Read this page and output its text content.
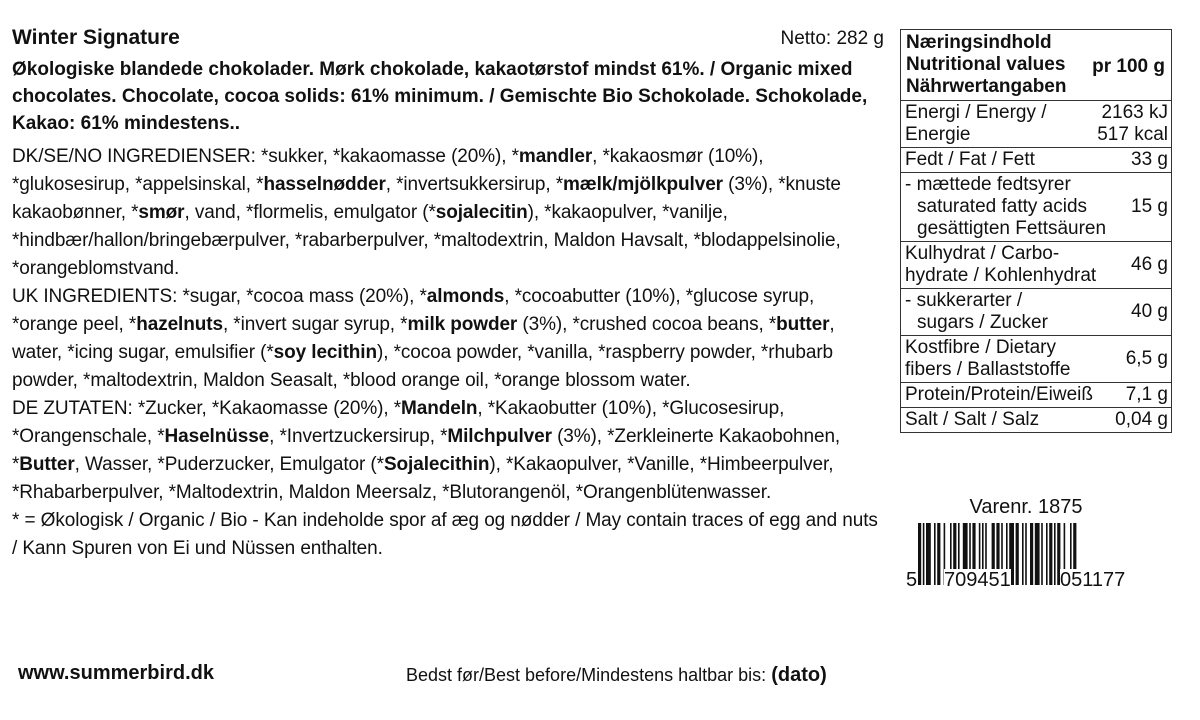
Winter Signature	Netto: 282 g
Økologiske blandede chokolader. Mørk chokolade, kakaotørstof mindst 61%. / Organic mixed chocolates. Chocolate, cocoa solids: 61% minimum. / Gemischte Bio Schokolade. Schokolade, Kakao: 61% mindestens..

DK/SE/NO INGREDIENSER: *sukker, *kakaomasse (20%), *mandler, *kakaosmør (10%), *glukosesirup, *appelsinskal, *hasselnødder, *invertsukkersirup, *mælk/mjölkpulver (3%), *knuste kakaobønner, *smør, vand, *flormelis, emulgator (*sojalecitin), *kakaopulver, *vanilje, *hindbær/hallon/bringebærpulver, *rabarberpulver, *maltodextrin, Maldon Havsalt, *blodappelsinolie, *orangeblomstvand.

UK INGREDIENTS: *sugar, *cocoa mass (20%), *almonds, *cocoabutter (10%), *glucose syrup, *orange peel, *hazelnuts, *invert sugar syrup, *milk powder (3%), *crushed cocoa beans, *butter, water, *icing sugar, emulsifier (*soy lecithin), *cocoa powder, *vanilla, *raspberry powder, *rhubarb powder, *maltodextrin, Maldon Seasalt, *blood orange oil, *orange blossom water.

DE ZUTATEN: *Zucker, *Kakaomasse (20%), *Mandeln, *Kakaobutter (10%), *Glucosesirup, *Orangenschale, *Haselnüsse, *Invertzuckersirup, *Milchpulver (3%), *Zerkleinerte Kakaobohnen, *Butter, Wasser, *Puderzucker, Emulgator (*Sojalecithin), *Kakaopulver, *Vanille, *Himbeerpulver, *Rhabarberpulver, *Maltodextrin, Maldon Meersalz, *Blutorangenöl, *Orangenblütenwasser.

* = Økologisk / Organic / Bio - Kan indeholde spor af æg og nødder / May contain traces of egg and nuts / Kann Spuren von Ei und Nüssen enthalten.

www.summerbird.dk	Bedst før/Best before/Mindestens haltbar bis: (dato)
Næringsindhold
Nutritional values
Nährwertangaben
pr 100 g
Energi / Energy /
Energie
2163 kJ
517 kcal
Fedt / Fat / Fett	33 g
- mættede fedtsyrer
saturated fatty acids
gesättigten Fettsäuren
15 g
Kulhydrat / Carbo-
hydrate / Kohlenhydrat
46 g
- sukkerarter /
sugars / Zucker
40 g
Kostfibre / Dietary
fibers / Ballaststoffe
6,5 g
Protein/Protein/Eiweiß	7,1 g
Salt / Salt / Salz	0,04 g
Varenr. 1875
5 709451 051177
